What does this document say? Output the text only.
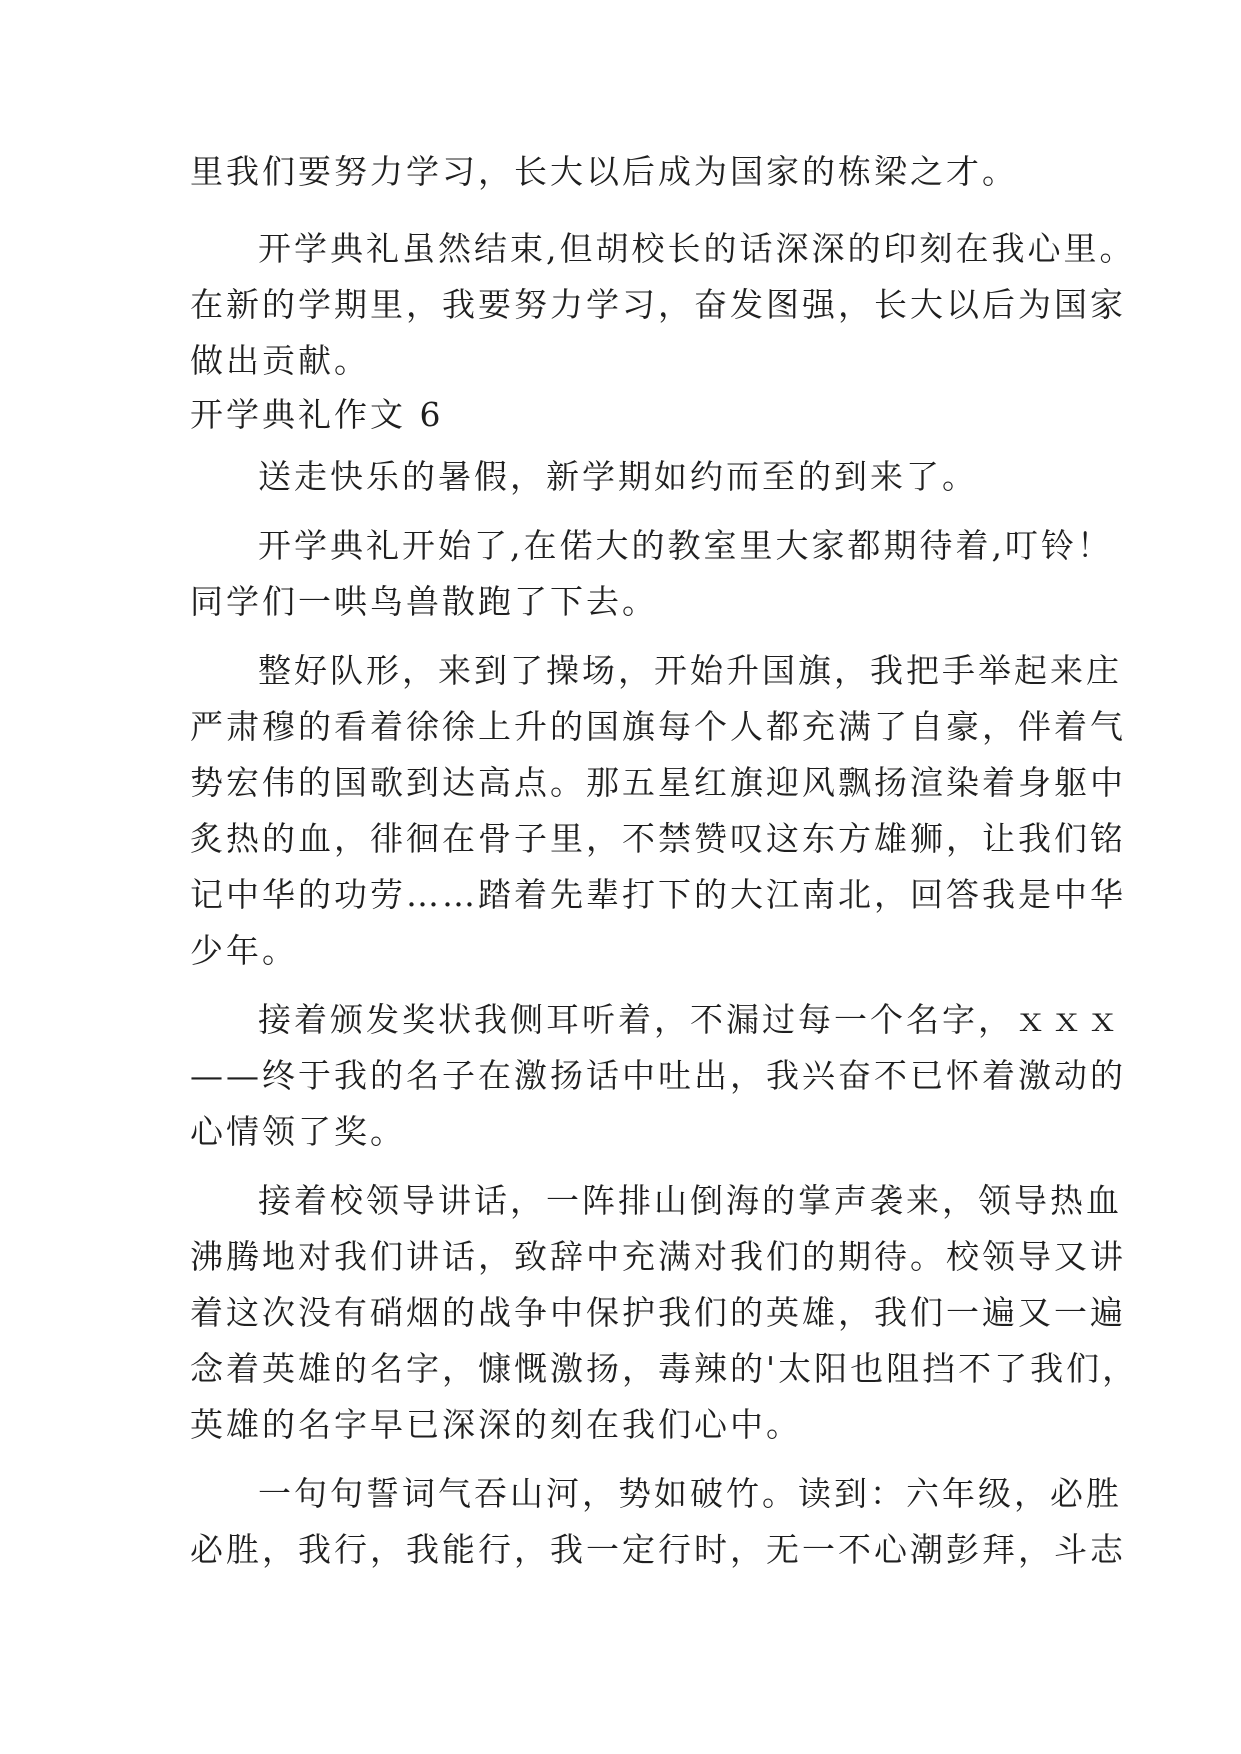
里我们要努力学习，长大以后成为国家的栋梁之才。
开学典礼虽然结束,但胡校长的话深深的印刻在我心里。
在新的学期里，我要努力学习，奋发图强，长大以后为国家
做出贡献。
开学典礼作文 6
送走快乐的暑假，新学期如约而至的到来了。
开学典礼开始了,在偌大的教室里大家都期待着,叮铃！
同学们一哄鸟兽散跑了下去。
整好队形，来到了操场，开始升国旗，我把手举起来庄
严肃穆的看着徐徐上升的国旗每个人都充满了自豪，伴着气
势宏伟的国歌到达高点。那五星红旗迎风飘扬渲染着身躯中
炙热的血，徘徊在骨子里，不禁赞叹这东方雄狮，让我们铭
记中华的功劳……踏着先辈打下的大江南北，回答我是中华
少年。
接着颁发奖状我侧耳听着，不漏过每一个名字，ｘｘｘ
——终于我的名子在激扬话中吐出，我兴奋不已怀着激动的
心情领了奖。
接着校领导讲话，一阵排山倒海的掌声袭来，领导热血
沸腾地对我们讲话，致辞中充满对我们的期待。校领导又讲
着这次没有硝烟的战争中保护我们的英雄，我们一遍又一遍
念着英雄的名字，慷慨激扬，毒辣的'太阳也阻挡不了我们，
英雄的名字早已深深的刻在我们心中。
一句句誓词气吞山河，势如破竹。读到：六年级，必胜
必胜，我行，我能行，我一定行时，无一不心潮彭拜，斗志
